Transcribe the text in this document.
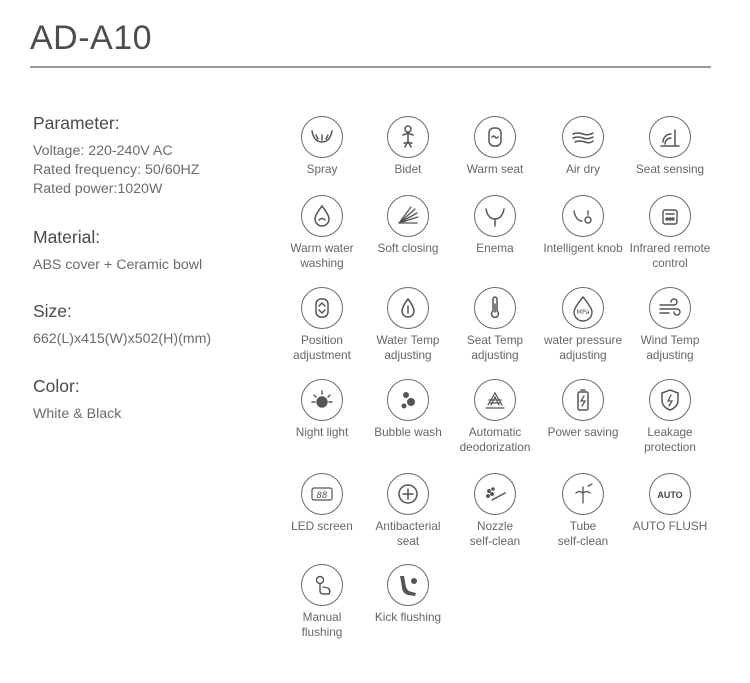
AD-A10
Parameter:

Voltage: 220-240V AC

Rated frequency: 50/60HZ

Rated power:1020W

Material:

ABS cover + Ceramic bowl

Size:

662(L)x415(W)x502(H)(mm)

Color:

White & Black

Spray	Bidet	Warm seat	Air dry	Seat sensing
Warm water
washing
Soft closing	Enema	Intelligent knob Infrared remote
control
Position
adjustment
Water Temp
adjusting
Seat Temp
adjusting
MPa
water pressure
adjusting
Wind Temp
adjusting
Night light	Bubble wash	Automatic
deodorization
Power saving	Leakage
protection
88
LED screen	Antibacterial
seat
Nozzle
self-clean
Tube
self-clean
AUTO
AUTO FLUSH
Manual
flushing
Kick flushing
